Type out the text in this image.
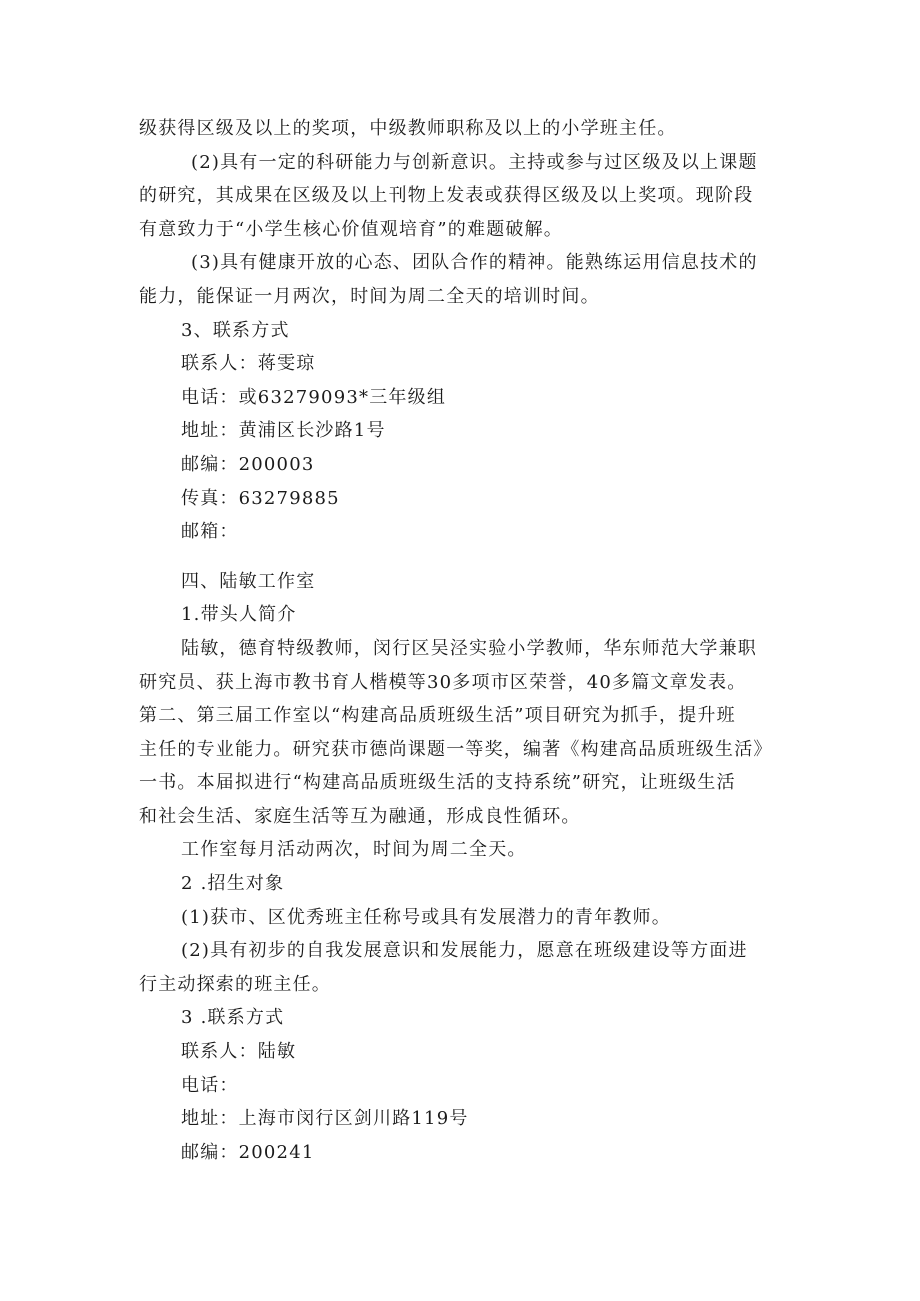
级获得区级及以上的奖项，中级教师职称及以上的小学班主任。
(2)具有一定的科研能力与创新意识。主持或参与过区级及以上课题
的研究，其成果在区级及以上刊物上发表或获得区级及以上奖项。现阶段
有意致力于“小学生核心价值观培育”的难题破解。
(3)具有健康开放的心态、团队合作的精神。能熟练运用信息技术的
能力，能保证一月两次，时间为周二全天的培训时间。
3、联系方式
联系人：蒋雯琼
电话：或63279093*三年级组
地址：黄浦区长沙路1号
邮编：200003
传真：63279885
邮箱：
四、陆敏工作室
1.带头人简介
陆敏，德育特级教师，闵行区吴泾实验小学教师，华东师范大学兼职
研究员、获上海市教书育人楷模等30多项市区荣誉，40多篇文章发表。
第二、第三届工作室以“构建高品质班级生活”项目研究为抓手，提升班
主任的专业能力。研究获市德尚课题一等奖，编著《构建高品质班级生活》
一书。本届拟进行“构建高品质班级生活的支持系统”研究，让班级生活
和社会生活、家庭生活等互为融通，形成良性循环。
工作室每月活动两次，时间为周二全天。
2 .招生对象
(1)获市、区优秀班主任称号或具有发展潜力的青年教师。
(2)具有初步的自我发展意识和发展能力，愿意在班级建设等方面进
行主动探索的班主任。
3 .联系方式
联系人：陆敏
电话：
地址：上海市闵行区剑川路119号
邮编：200241
